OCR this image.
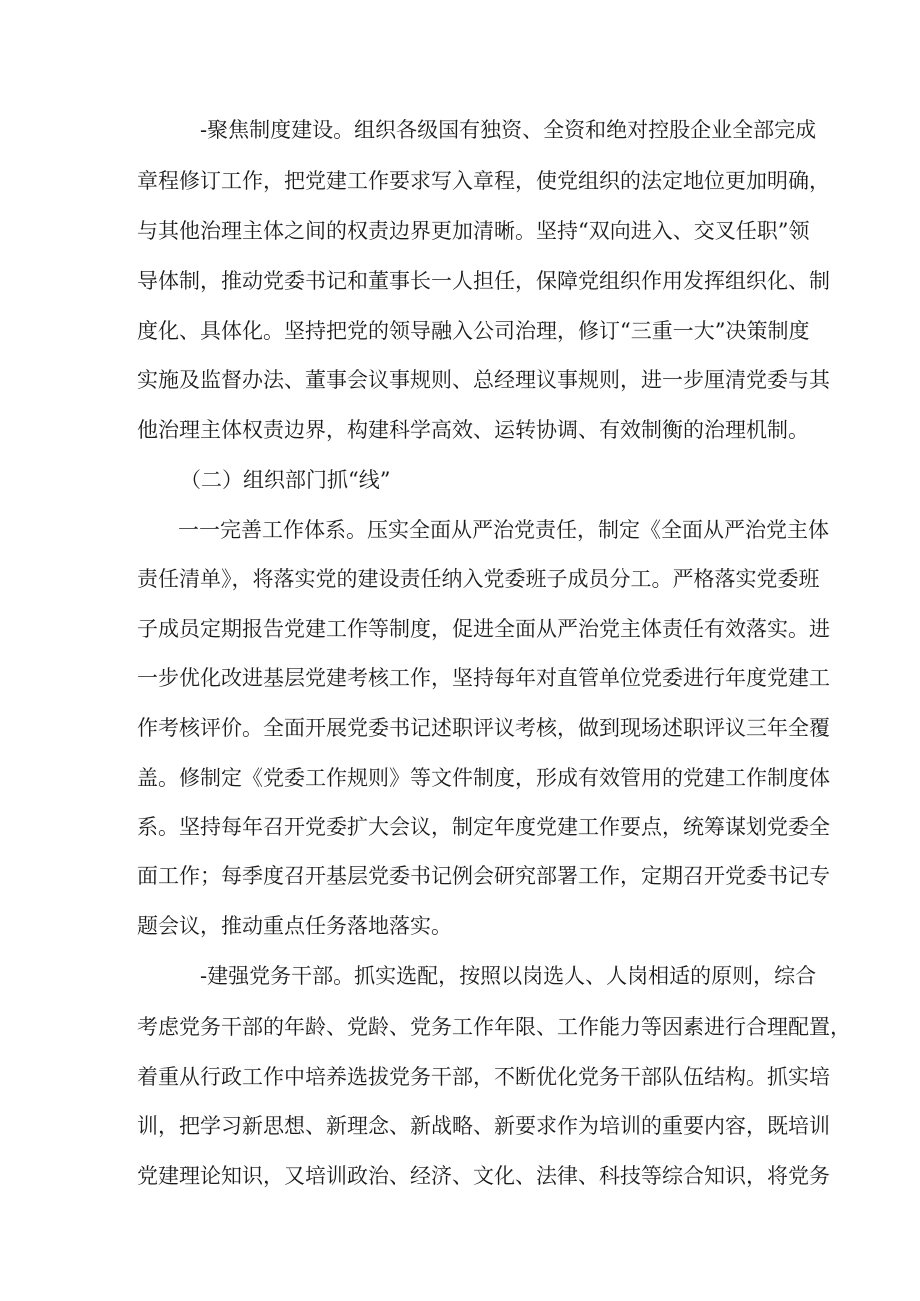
-聚焦制度建设。组织各级国有独资、全资和绝对控股企业全部完成

章程修订工作，把党建工作要求写入章程，使党组织的法定地位更加明确，

与其他治理主体之间的权责边界更加清晰。坚持“双向进入、交叉任职”领

导体制，推动党委书记和董事长一人担任，保障党组织作用发挥组织化、制

度化、具体化。坚持把党的领导融入公司治理，修订“三重一大”决策制度

实施及监督办法、董事会议事规则、总经理议事规则，进一步厘清党委与其

他治理主体权责边界，构建科学高效、运转协调、有效制衡的治理机制。

（二）组织部门抓“线”

一一完善工作体系。压实全面从严治党责任，制定《全面从严治党主体

责任清单》，将落实党的建设责任纳入党委班子成员分工。严格落实党委班

子成员定期报告党建工作等制度，促进全面从严治党主体责任有效落实。进

一步优化改进基层党建考核工作，坚持每年对直管单位党委进行年度党建工

作考核评价。全面开展党委书记述职评议考核，做到现场述职评议三年全覆

盖。修制定《党委工作规则》等文件制度，形成有效管用的党建工作制度体

系。坚持每年召开党委扩大会议，制定年度党建工作要点，统筹谋划党委全

面工作；每季度召开基层党委书记例会研究部署工作，定期召开党委书记专

题会议，推动重点任务落地落实。

-建强党务干部。抓实选配，按照以岗选人、人岗相适的原则，综合

考虑党务干部的年龄、党龄、党务工作年限、工作能力等因素进行合理配置，

着重从行政工作中培养选拔党务干部，不断优化党务干部队伍结构。抓实培

训，把学习新思想、新理念、新战略、新要求作为培训的重要内容，既培训

党建理论知识，又培训政治、经济、文化、法律、科技等综合知识，将党务
